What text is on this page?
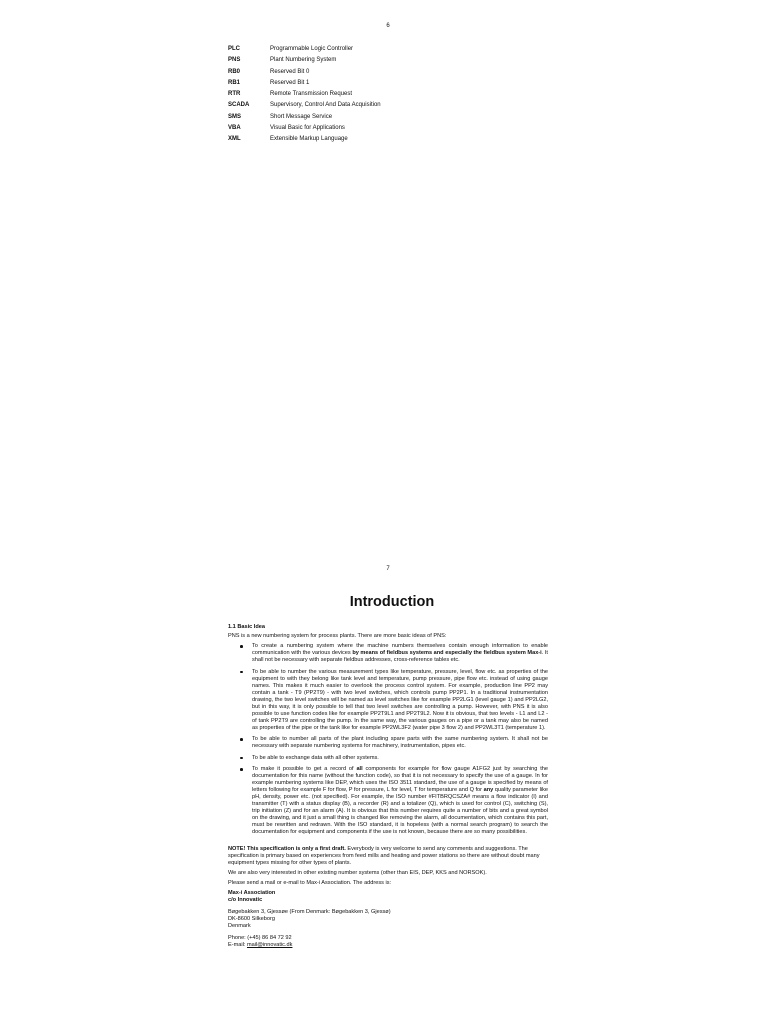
6
PLC	Programmable Logic Controller
PNS	Plant Numbering System
RB0	Reserved Bit 0
RB1	Reserved Bit 1
RTR	Remote Transmission Request
SCADA	Supervisory, Control And Data Acquisition
SMS	Short Message Service
VBA	Visual Basic for Applications
XML	Extensible Markup Language
7
Introduction
1.1 Basic Idea
PNS is a new numbering system for process plants. There are more basic ideas of PNS:
To create a numbering system where the machine numbers themselves contain enough information to enable communication with the various devices by means of fieldbus systems and especially the fieldbus system Max-i. It shall not be necessary with separate fieldbus addresses, cross-reference tables etc.
To be able to number the various measurement types like temperature, pressure, level, flow etc. as properties of the equipment to with they belong like tank level and temperature, pump pressure, pipe flow etc. instead of using gauge names. This makes it much easier to overlook the process control system. For example, production line PP2 may contain a tank - T9 (PP2T9) - with two level switches, which controls pump PP2P1. In a traditional instrumentation drawing, the two level switches will be named as level switches like for example PP2LG1 (level gauge 1) and PP2LG2, but in this way, it is only possible to tell that two level switches are controlling a pump. However, with PNS it is also possible to use function codes like for example PP2T9L1 and PP2T9L2. Now it is obvious, that two levels - L1 and L2 - of tank PP2T9 are controlling the pump. In the same way, the various gauges on a pipe or a tank may also be named as properties of the pipe or the tank like for example PP2WL3F2 (water pipe 3 flow 2) and PP2WL3T1 (temperature 1).
To be able to number all parts of the plant including spare parts with the same numbering system. It shall not be necessary with separate numbering systems for machinery, instrumentation, pipes etc.
To be able to exchange data with all other systems.
To make it possible to get a record of all components for example for flow gauge A1FG2 just by searching the documentation for this name (without the function code), so that it is not necessary to specify the use of a gauge. In for example numbering systems like DEP, which uses the ISO 3511 standard, the use of a gauge is specified by means of letters following for example F for flow, P for pressure, L for level, T for temperature and Q for any quality parameter like pH, density, power etc. (not specified). For example, the ISO number #FITBRQCSZA# means a flow indicator (I) and transmitter (T) with a status display (B), a recorder (R) and a totalizer (Q), which is used for control (C), switching (S), trip initiation (Z) and for an alarm (A). It is obvious that this number requires quite a number of bits and a great symbol on the drawing, and it just a small thing is changed like removing the alarm, all documentation, which contains this part, must be rewritten and redrawn. With the ISO standard, it is hopeless (with a normal search program) to search the documentation for equipment and components if the use is not known, because there are so many possibilities.
NOTE! This specification is only a first draft. Everybody is very welcome to send any comments and suggestions. The specification is primary based on experiences from feed mills and heating and power stations so there are without doubt many equipment types missing for other types of plants.
We are also very interested in other existing number systems (other than EIS, DEP, KKS and NORSOK).
Please send a mail or e-mail to Max-i Association. The address is:
Max-i Association
c/o Innovatic
Bøgebakken 3, Gjessøe (From Denmark: Bøgebakken 3, Gjessø)
DK-8600 Silkeborg
Denmark
Phone: (+45) 86 84 72 92
E-mail: mail@innovatic.dk
